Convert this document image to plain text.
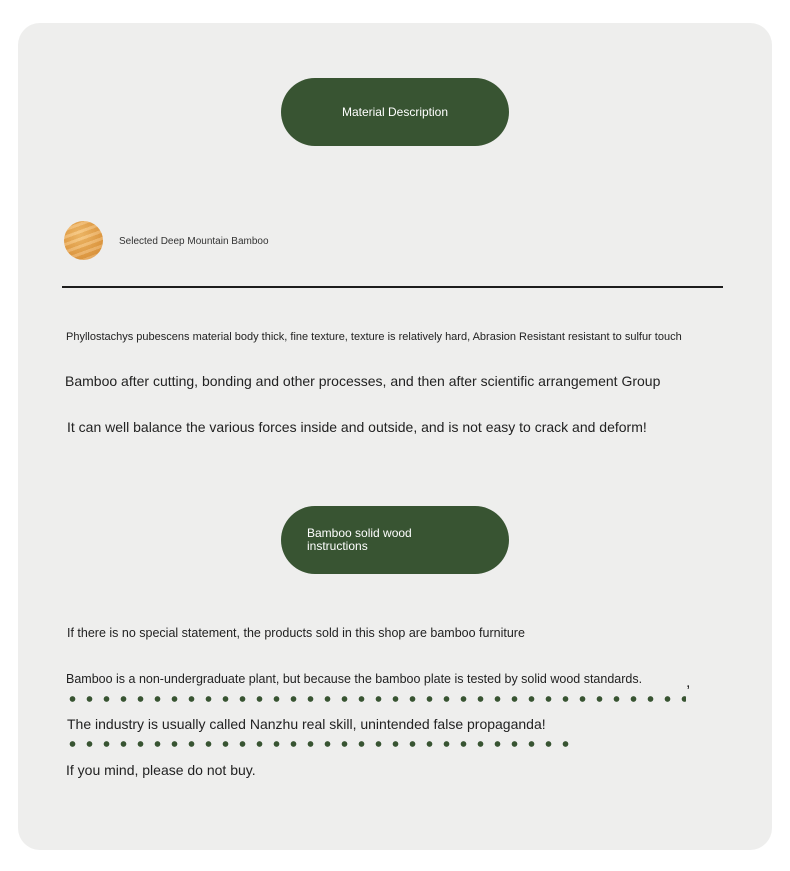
Material Description
Selected Deep Mountain Bamboo
Phyllostachys pubescens material body thick, fine texture, texture is relatively hard, Abrasion Resistant resistant to sulfur touch
Bamboo after cutting, bonding and other processes, and then after scientific arrangement Group
It can well balance the various forces inside and outside, and is not easy to crack and deform!
Bamboo solid wood instructions
If there is no special statement, the products sold in this shop are bamboo furniture
Bamboo is a non-undergraduate plant, but because the bamboo plate is tested by solid wood standards.	,
The industry is usually called Nanzhu real skill, unintended false propaganda!
If you mind, please do not buy.
